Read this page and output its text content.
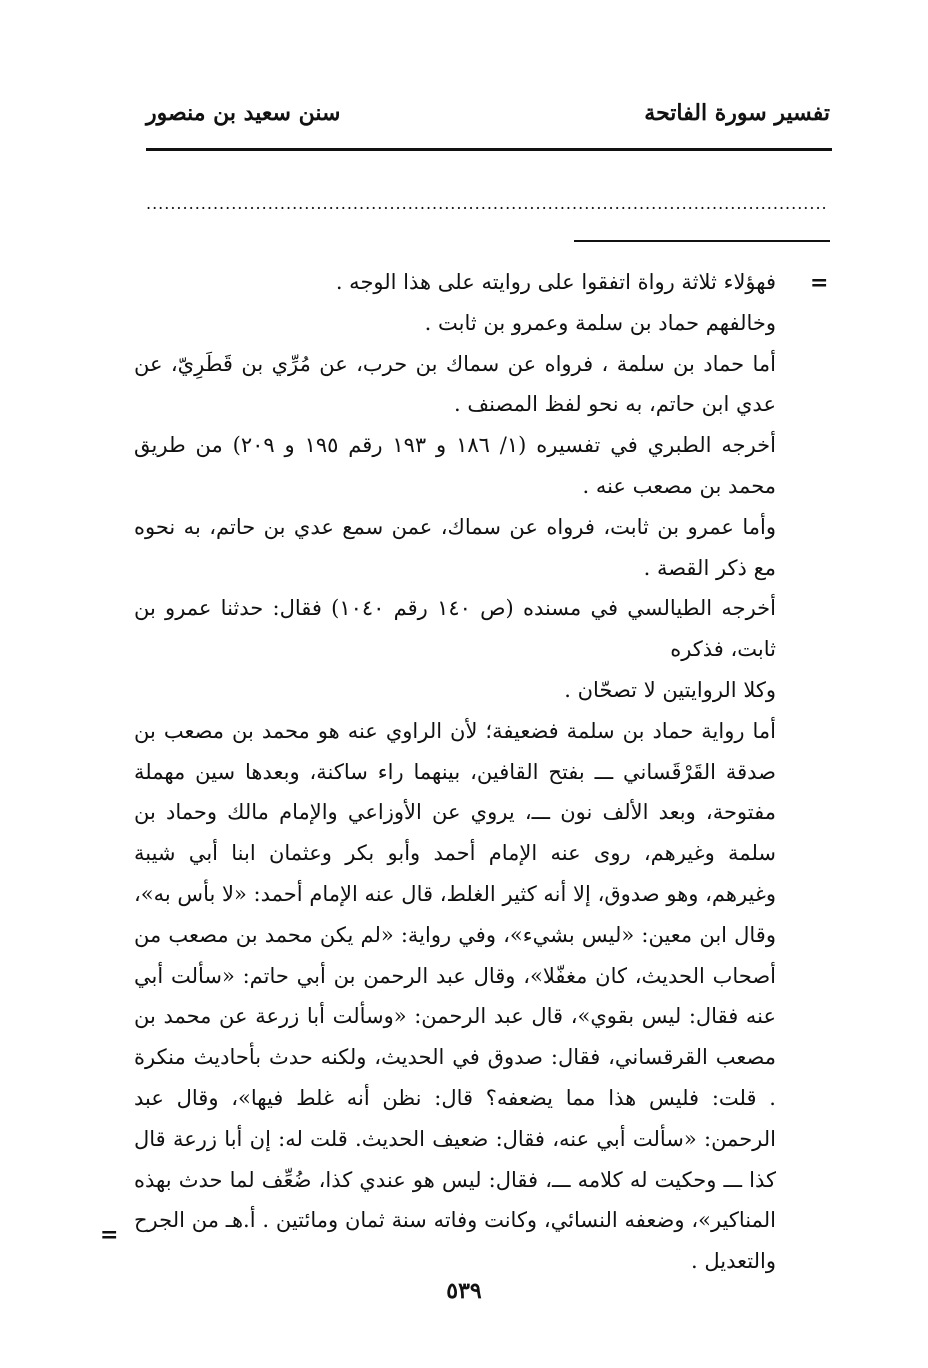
تفسير سورة الفاتحة
سنن سعيد بن منصور
................................................................................................................
=

فهؤلاء ثلاثة رواة اتفقوا على روايته على هذا الوجه .

وخالفهم حماد بن سلمة وعمرو بن ثابت .

أما حماد بن سلمة ، فرواه عن سماك بن حرب، عن مُرِّي بن قَطَرِيّ، عن عدي ابن حاتم، به نحو لفظ المصنف .

أخرجه الطبري في تفسيره (١/ ١٨٦ و ١٩٣ رقم ١٩٥ و ٢٠٩) من طريق محمد بن مصعب عنه .

وأما عمرو بن ثابت، فرواه عن سماك، عمن سمع عدي بن حاتم، به نحوه مع ذكر القصة .

أخرجه الطيالسي في مسنده (ص ١٤٠ رقم ١٠٤٠) فقال: حدثنا عمرو بن ثابت، فذكره

وكلا الروايتين لا تصحّان .

أما رواية حماد بن سلمة فضعيفة؛ لأن الراوي عنه هو محمد بن مصعب بن صدقة القَرْقَساني ـــ بفتح القافين، بينهما راء ساكنة، وبعدها سين مهملة مفتوحة، وبعد الألف نون ـــ، يروي عن الأوزاعي والإمام مالك وحماد بن سلمة وغيرهم، روى عنه الإمام أحمد وأبو بكر وعثمان ابنا أبي شيبة وغيرهم، وهو صدوق، إلا أنه كثير الغلط، قال عنه الإمام أحمد: «لا بأس به»، وقال ابن معين: «ليس بشيء»، وفي رواية: «لم يكن محمد بن مصعب من أصحاب الحديث، كان مغفّلا»، وقال عبد الرحمن بن أبي حاتم: «سألت أبي عنه فقال: ليس بقوي»، قال عبد الرحمن: «وسألت أبا زرعة عن محمد بن مصعب القرقساني، فقال: صدوق في الحديث، ولكنه حدث بأحاديث منكرة . قلت: فليس هذا مما يضعفه؟ قال: نظن أنه غلط فيها»، وقال عبد الرحمن: «سألت أبي عنه، فقال: ضعيف الحديث. قلت له: إن أبا زرعة قال كذا ـــ وحكيت له كلامه ـــ، فقال: ليس هو عندي كذا، ضُعِّف لما حدث بهذه المناكير»، وضعفه النسائي، وكانت وفاته سنة ثمان ومائتين . أ.هـ من الجرح والتعديل .

=
٥٣٩
